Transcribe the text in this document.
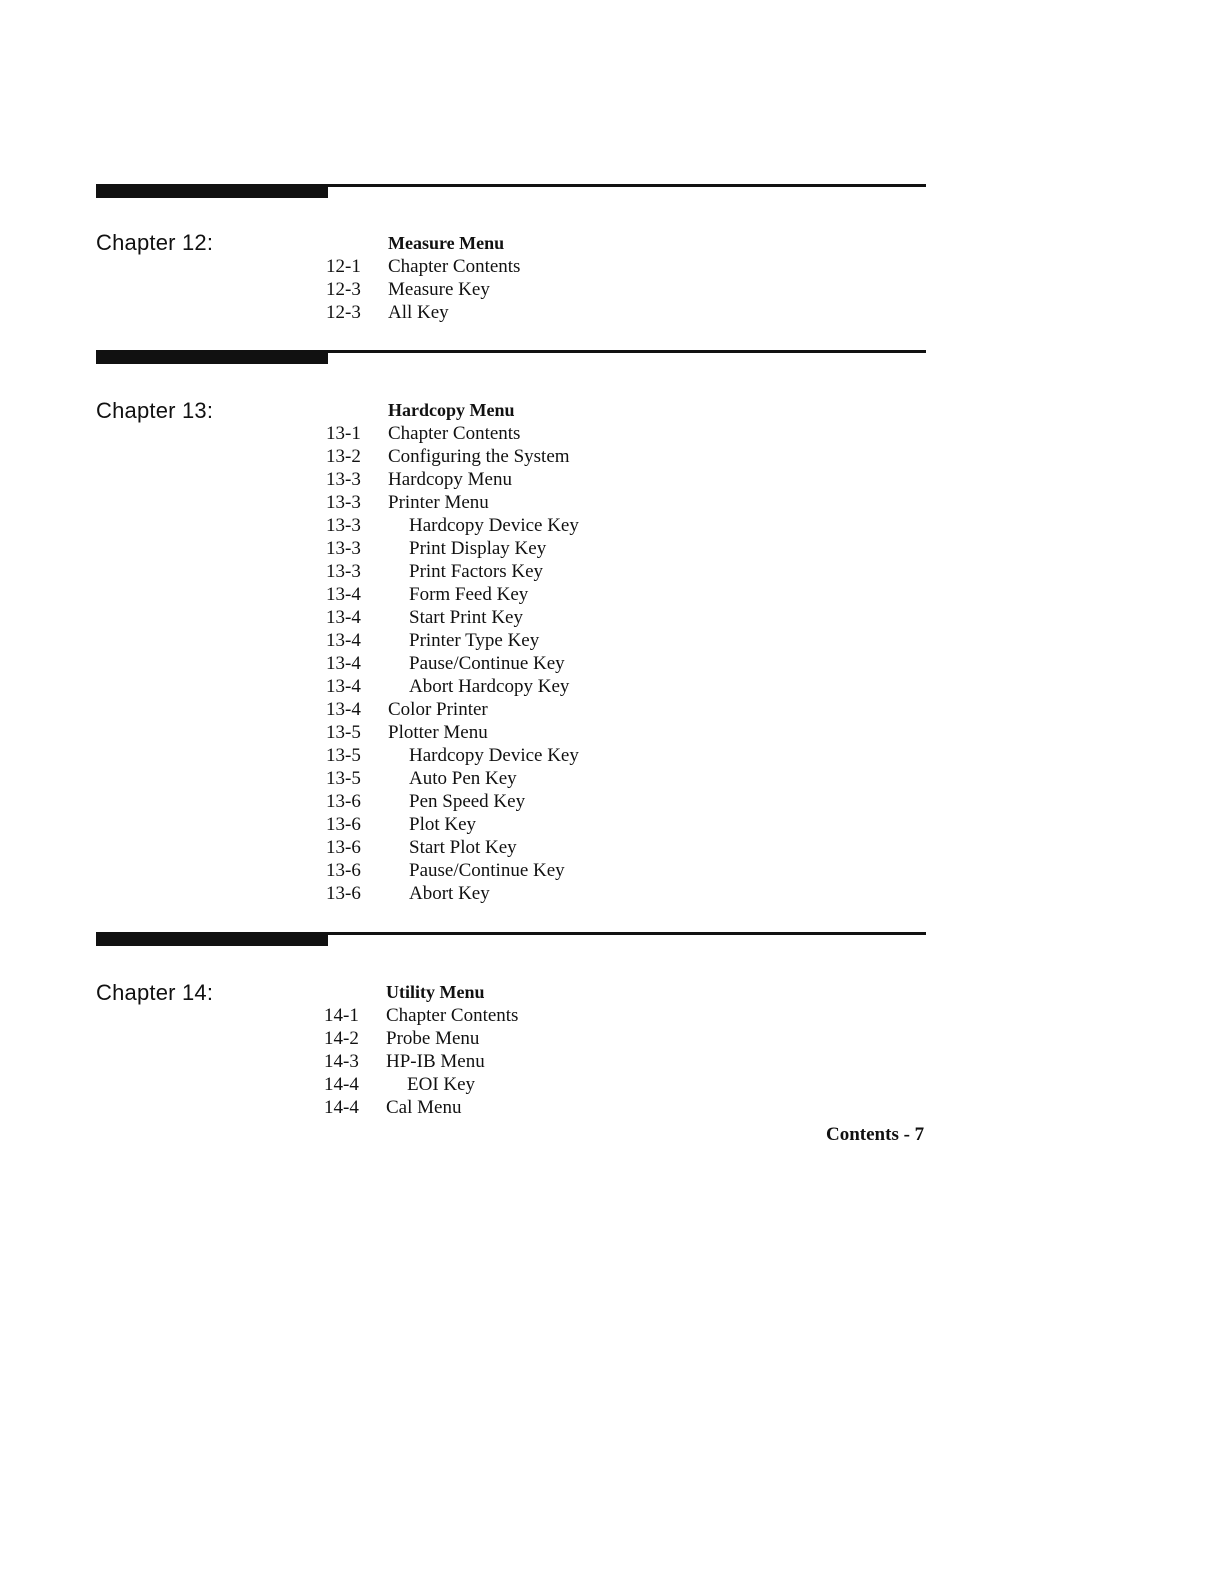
Chapter 12:	Measure Menu
12-1	Chapter Contents
12-3	Measure Key
12-3	All Key
Chapter 13:	Hardcopy Menu
13-1	Chapter Contents
13-2	Configuring the System
13-3	Hardcopy Menu
13-3	Printer Menu
13-3	Hardcopy Device Key
13-3	Print Display Key
13-3	Print Factors Key
13-4	Form Feed Key
13-4	Start Print Key
13-4	Printer Type Key
13-4	Pause/Continue Key
13-4	Abort Hardcopy Key
13-4	Color Printer
13-5	Plotter Menu
13-5	Hardcopy Device Key
13-5	Auto Pen Key
13-6	Pen Speed Key
13-6	Plot Key
13-6	Start Plot Key
13-6	Pause/Continue Key
13-6	Abort Key
Chapter 14:	Utility Menu
14-1	Chapter Contents
14-2	Probe Menu
14-3	HP-IB Menu
14-4	EOI Key
14-4	Cal Menu
Contents - 7
